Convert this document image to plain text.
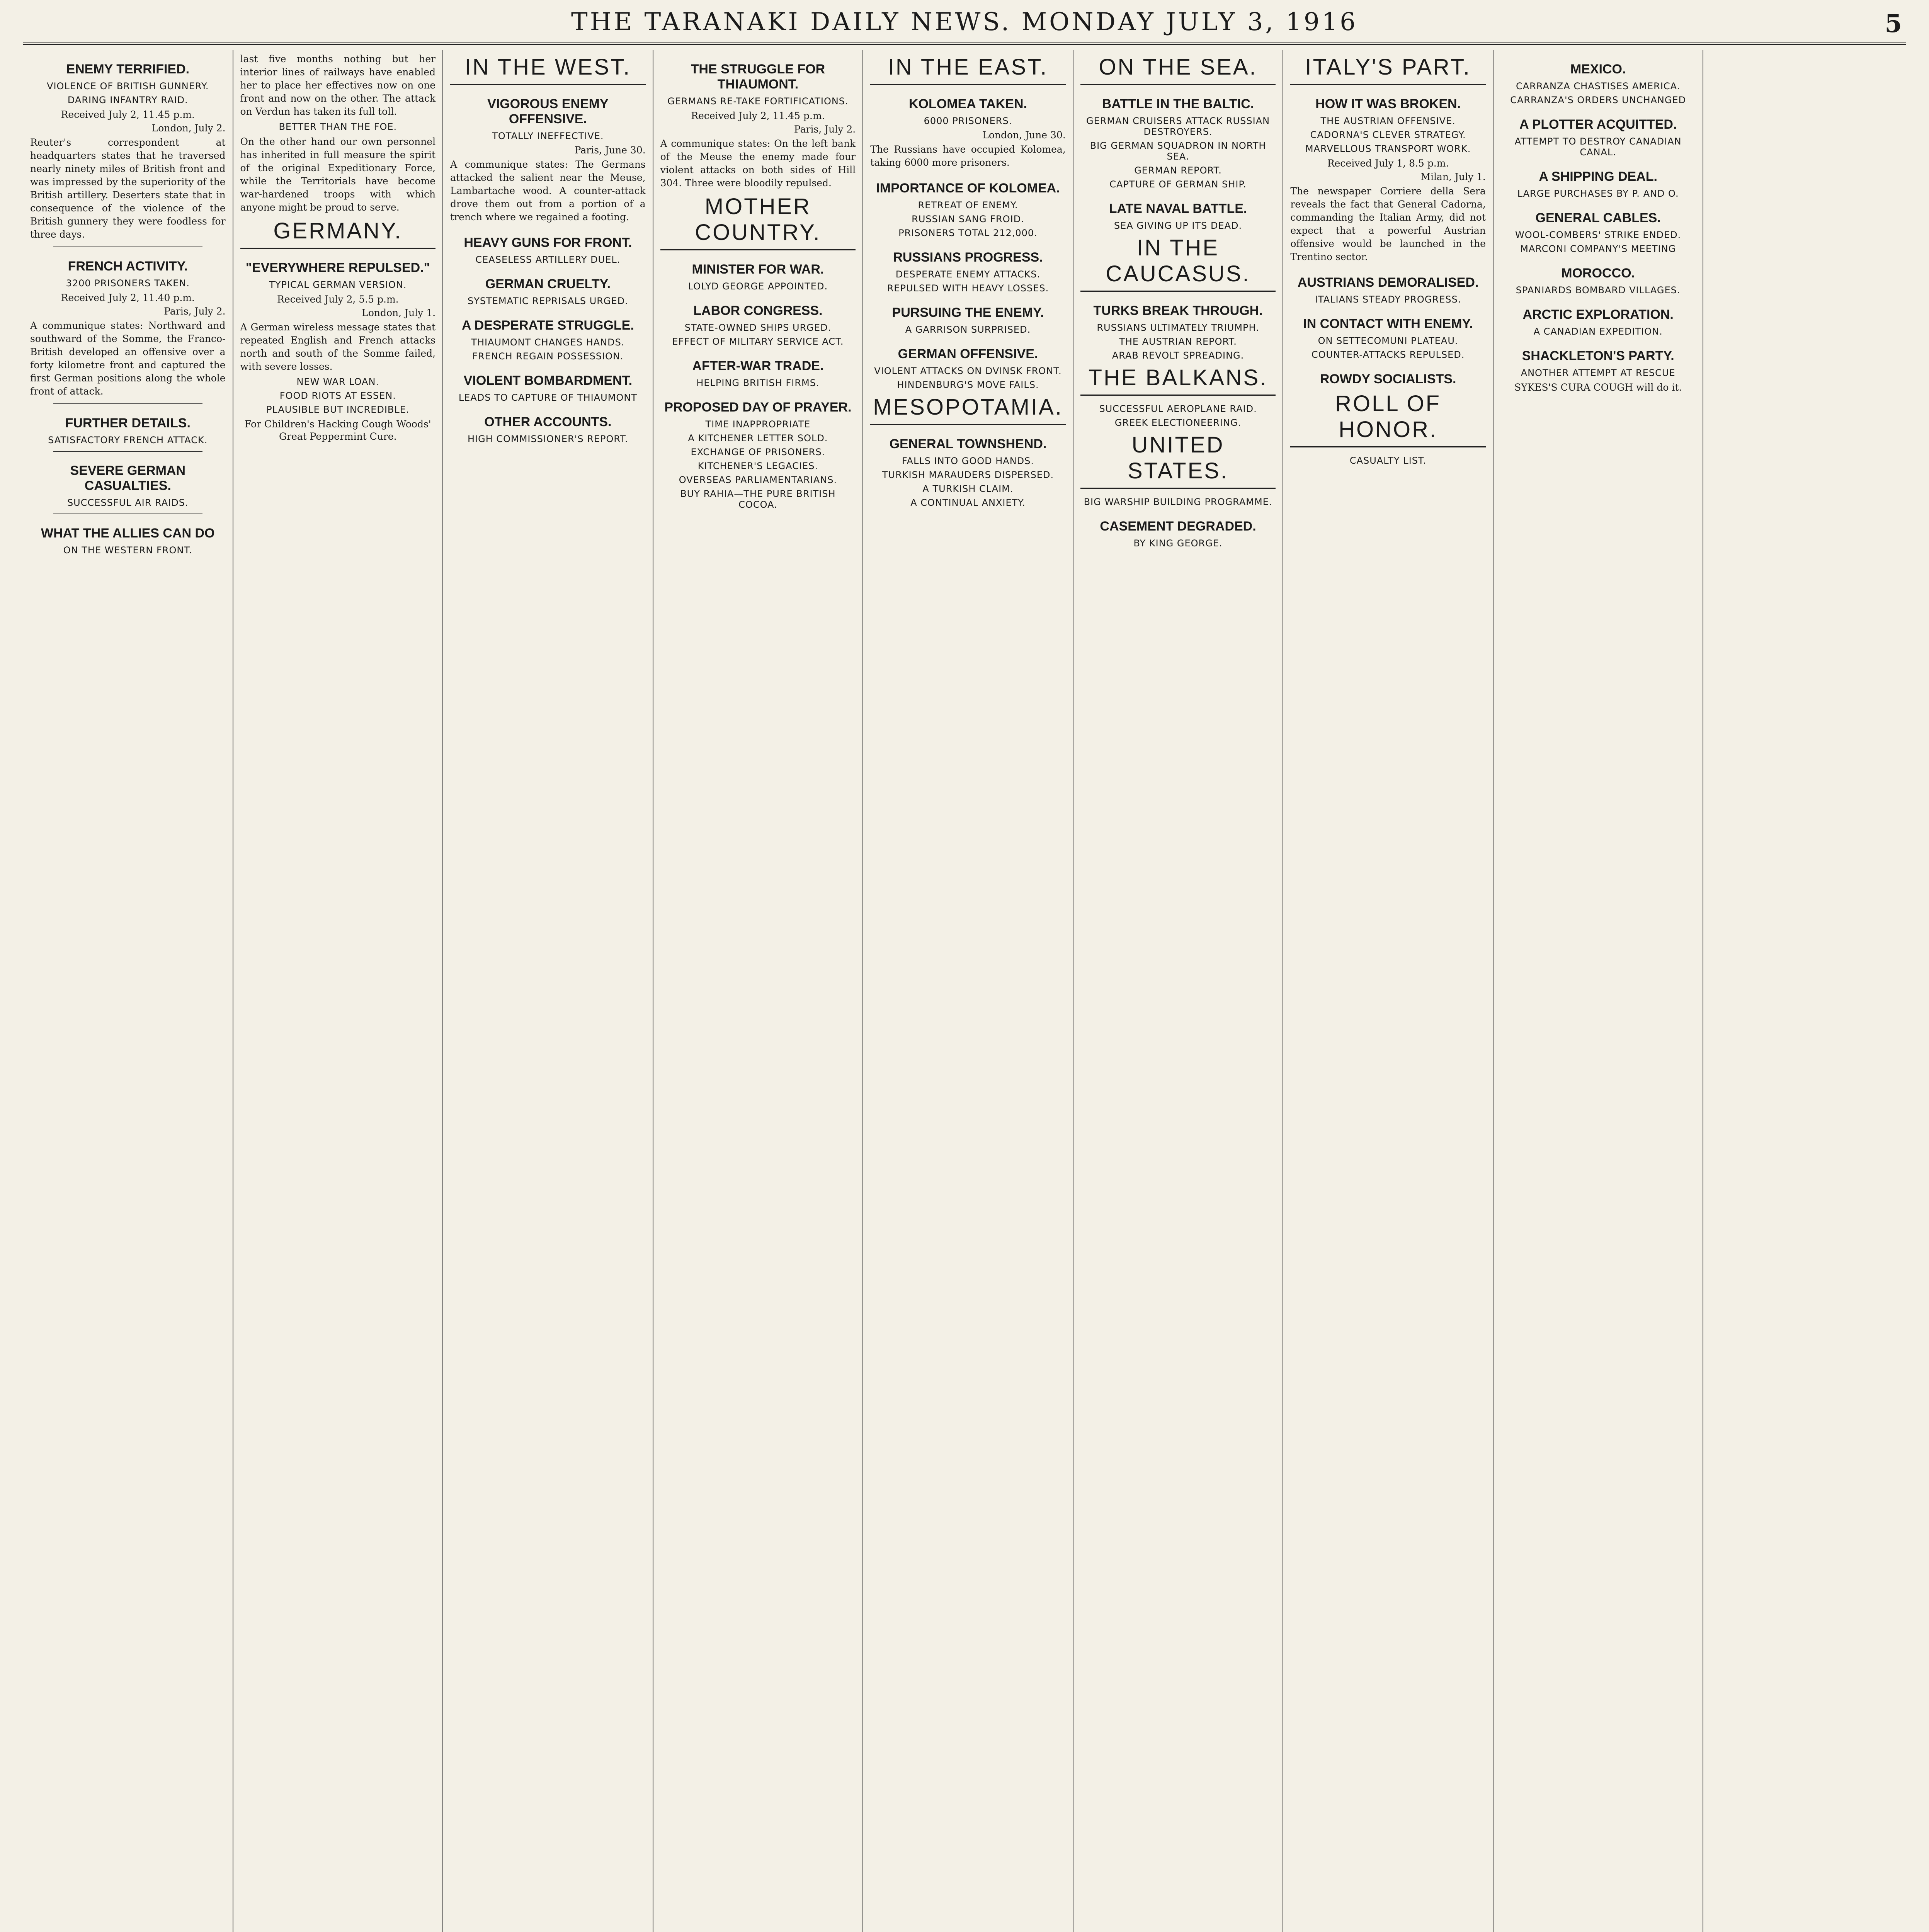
THE TARANAKI DAILY NEWS. MONDAY JULY 3, 1916	5
ENEMY TERRIFIED.
VIOLENCE OF BRITISH GUNNERY.
DARING INFANTRY RAID.

Received July 2, 11.45 p.m.

London, July 2.

Reuter's correspondent at headquarters states that he traversed nearly ninety miles of British front and was impressed by the superiority of the British artillery. Deserters state that in consequence of the violence of the British gunnery they were foodless for three days.

FRENCH ACTIVITY.
3200 PRISONERS TAKEN.

Received July 2, 11.40 p.m.

Paris, July 2.

A communique states: Northward and southward of the Somme, the Franco-British developed an offensive over a forty kilometre front and captured the first German positions along the whole front of attack.

FURTHER DETAILS.
SATISFACTORY FRENCH ATTACK.
SEVERE GERMAN CASUALTIES.
SUCCESSFUL AIR RAIDS.
WHAT THE ALLIES CAN DO
ON THE WESTERN FRONT.

last five months nothing but her interior lines of railways have enabled her to place her effectives now on one front and now on the other. The attack on Verdun has taken its full toll.

BETTER THAN THE FOE.

On the other hand our own personnel has inherited in full measure the spirit of the original Expeditionary Force, while the Territorials have become war-hardened troops with which anyone might be proud to serve.

GERMANY.
"EVERYWHERE REPULSED."
TYPICAL GERMAN VERSION.

Received July 2, 5.5 p.m.

London, July 1.

A German wireless message states that repeated English and French attacks north and south of the Somme failed, with severe losses.

NEW WAR LOAN.
FOOD RIOTS AT ESSEN.
PLAUSIBLE BUT INCREDIBLE.

For Children's Hacking Cough Woods' Great Peppermint Cure.

IN THE WEST.
VIGOROUS ENEMY OFFENSIVE.
TOTALLY INEFFECTIVE.

Paris, June 30.

A communique states: The Germans attacked the salient near the Meuse, Lambartache wood. A counter-attack drove them out from a portion of a trench where we regained a footing.

HEAVY GUNS FOR FRONT.
CEASELESS ARTILLERY DUEL.
GERMAN CRUELTY.
SYSTEMATIC REPRISALS URGED.
A DESPERATE STRUGGLE.
THIAUMONT CHANGES HANDS.
FRENCH REGAIN POSSESSION.
VIOLENT BOMBARDMENT.
LEADS TO CAPTURE OF THIAUMONT
OTHER ACCOUNTS.
HIGH COMMISSIONER'S REPORT.
THE STRUGGLE FOR THIAUMONT.
GERMANS RE-TAKE FORTIFICATIONS.

Received July 2, 11.45 p.m.

Paris, July 2.

A communique states: On the left bank of the Meuse the enemy made four violent attacks on both sides of Hill 304. Three were bloodily repulsed.

MOTHER COUNTRY.
MINISTER FOR WAR.
LOLYD GEORGE APPOINTED.
LABOR CONGRESS.
STATE-OWNED SHIPS URGED.
EFFECT OF MILITARY SERVICE ACT.
AFTER-WAR TRADE.
HELPING BRITISH FIRMS.
PROPOSED DAY OF PRAYER.
TIME INAPPROPRIATE
A KITCHENER LETTER SOLD.
EXCHANGE OF PRISONERS.
KITCHENER'S LEGACIES.
OVERSEAS PARLIAMENTARIANS.
BUY RAHIA—THE PURE BRITISH COCOA.
IN THE EAST.
KOLOMEA TAKEN.
6000 PRISONERS.

London, June 30.

The Russians have occupied Kolomea, taking 6000 more prisoners.

IMPORTANCE OF KOLOMEA.
RETREAT OF ENEMY.
RUSSIAN SANG FROID.
PRISONERS TOTAL 212,000.
RUSSIANS PROGRESS.
DESPERATE ENEMY ATTACKS.
REPULSED WITH HEAVY LOSSES.
PURSUING THE ENEMY.
A GARRISON SURPRISED.
GERMAN OFFENSIVE.
VIOLENT ATTACKS ON DVINSK FRONT.
HINDENBURG'S MOVE FAILS.
MESOPOTAMIA.
GENERAL TOWNSHEND.
FALLS INTO GOOD HANDS.
TURKISH MARAUDERS DISPERSED.
A TURKISH CLAIM.
A CONTINUAL ANXIETY.
ON THE SEA.
BATTLE IN THE BALTIC.
GERMAN CRUISERS ATTACK RUSSIAN DESTROYERS.
BIG GERMAN SQUADRON IN NORTH SEA.
GERMAN REPORT.
CAPTURE OF GERMAN SHIP.
LATE NAVAL BATTLE.
SEA GIVING UP ITS DEAD.
IN THE CAUCASUS.
TURKS BREAK THROUGH.
RUSSIANS ULTIMATELY TRIUMPH.
THE AUSTRIAN REPORT.
ARAB REVOLT SPREADING.
THE BALKANS.
SUCCESSFUL AEROPLANE RAID.
GREEK ELECTIONEERING.
UNITED STATES.
BIG WARSHIP BUILDING PROGRAMME.
CASEMENT DEGRADED.
BY KING GEORGE.
ITALY'S PART.
HOW IT WAS BROKEN.
THE AUSTRIAN OFFENSIVE.
CADORNA'S CLEVER STRATEGY.
MARVELLOUS TRANSPORT WORK.

Received July 1, 8.5 p.m.

Milan, July 1.

The newspaper Corriere della Sera reveals the fact that General Cadorna, commanding the Italian Army, did not expect that a powerful Austrian offensive would be launched in the Trentino sector.

AUSTRIANS DEMORALISED.
ITALIANS STEADY PROGRESS.
IN CONTACT WITH ENEMY.
ON SETTECOMUNI PLATEAU.
COUNTER-ATTACKS REPULSED.
ROWDY SOCIALISTS.
ROLL OF HONOR.
CASUALTY LIST.
MEXICO.
CARRANZA CHASTISES AMERICA.
CARRANZA'S ORDERS UNCHANGED
A PLOTTER ACQUITTED.
ATTEMPT TO DESTROY CANADIAN CANAL.
A SHIPPING DEAL.
LARGE PURCHASES BY P. AND O.
GENERAL CABLES.
WOOL-COMBERS' STRIKE ENDED.
MARCONI COMPANY'S MEETING
MOROCCO.
SPANIARDS BOMBARD VILLAGES.
ARCTIC EXPLORATION.
A CANADIAN EXPEDITION.
SHACKLETON'S PARTY.
ANOTHER ATTEMPT AT RESCUE

SYKES'S CURA COUGH will do it.
